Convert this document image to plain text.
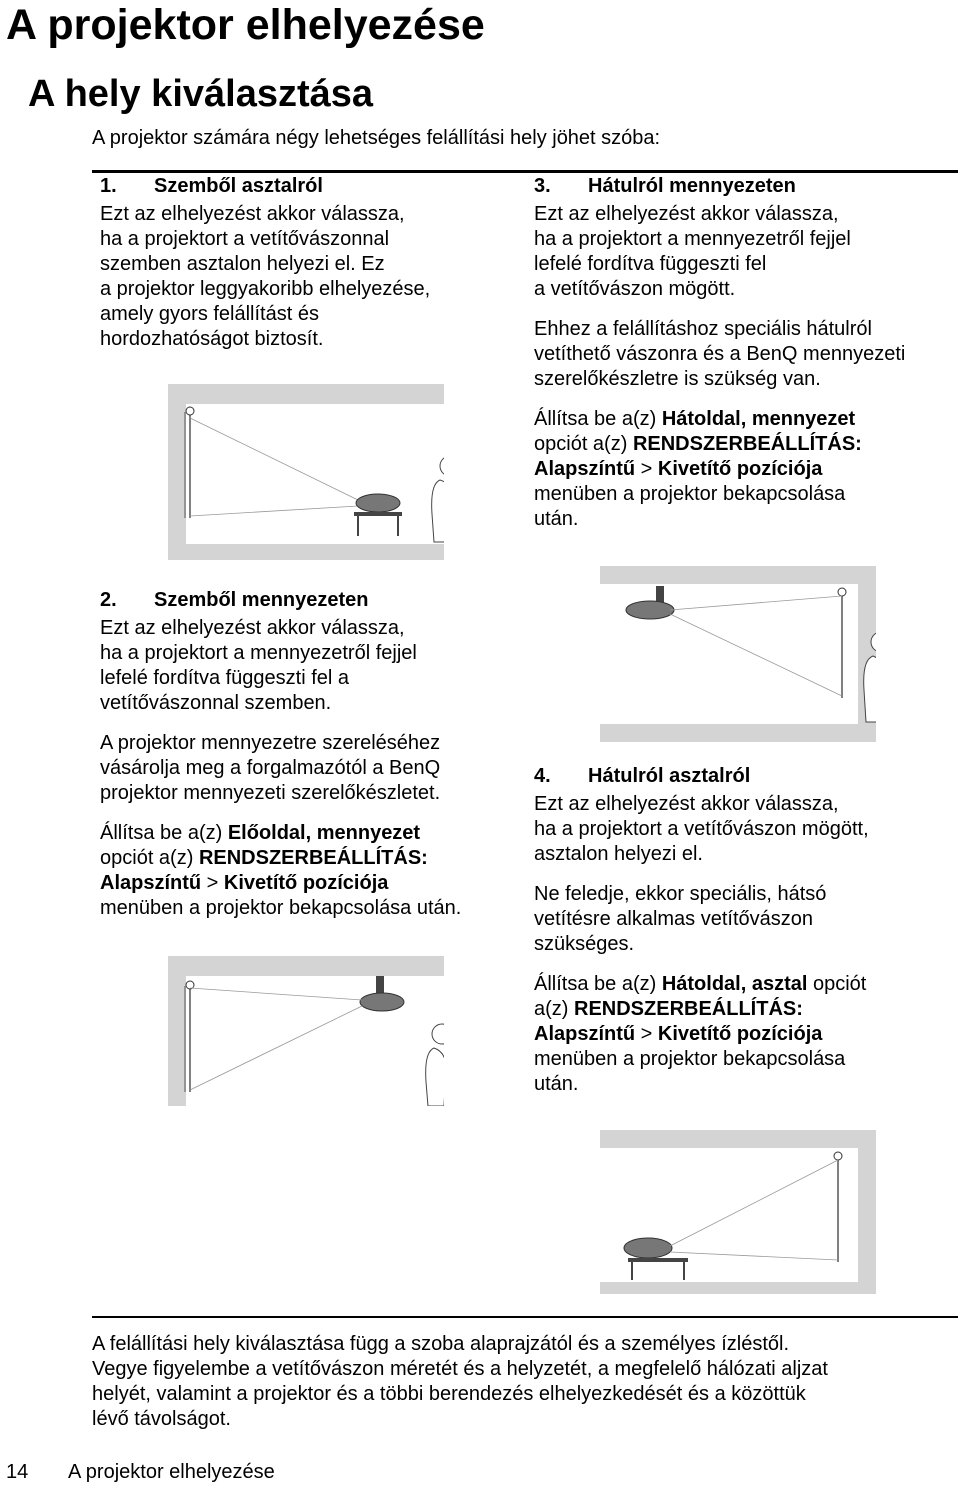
A projektor elhelyezése
A hely kiválasztása
A projektor számára négy lehetséges felállítási hely jöhet szóba:

1. Szemből asztalról

Ezt az elhelyezést akkor válassza,
ha a projektort a vetítővászonnal
szemben asztalon helyezi el. Ez
a projektor leggyakoribb elhelyezése,
amely gyors felállítást és
hordozhatóságot biztosít.

3. Hátulról mennyezeten

Ezt az elhelyezést akkor válassza,
ha a projektort a mennyezetről fejjel
lefelé fordítva függeszti fel
a vetítővászon mögött.

Ehhez a felállításhoz speciális hátulról
vetíthető vászonra és a BenQ mennyezeti
szerelőkészletre is szükség van.

Állítsa be a(z) Hátoldal, mennyezet
opciót a(z) RENDSZERBEÁLLÍTÁS:
Alapszíntű > Kivetítő pozíciója
menüben a projektor bekapcsolása
után.

2. Szemből mennyezeten

Ezt az elhelyezést akkor válassza,
ha a projektort a mennyezetről fejjel
lefelé fordítva függeszti fel a
vetítővászonnal szemben.

A projektor mennyezetre szereléséhez
vásárolja meg a forgalmazótól a BenQ
projektor mennyezeti szerelőkészletet.

Állítsa be a(z) Előoldal, mennyezet
opciót a(z) RENDSZERBEÁLLÍTÁS:
Alapszíntű > Kivetítő pozíciója
menüben a projektor bekapcsolása után.

4. Hátulról asztalról

Ezt az elhelyezést akkor válassza,
ha a projektort a vetítővászon mögött,
asztalon helyezi el.

Ne feledje, ekkor speciális, hátsó
vetítésre alkalmas vetítővászon
szükséges.

Állítsa be a(z) Hátoldal, asztal opciót
a(z) RENDSZERBEÁLLÍTÁS:
Alapszíntű > Kivetítő pozíciója
menüben a projektor bekapcsolása
után.

A felállítási hely kiválasztása függ a szoba alaprajzától és a személyes ízléstől.
Vegye figyelembe a vetítővászon méretét és a helyzetét, a megfelelő hálózati aljzat
helyét, valamint a projektor és a többi berendezés elhelyezkedését és a közöttük
lévő távolságot.
14 A projektor elhelyezése
